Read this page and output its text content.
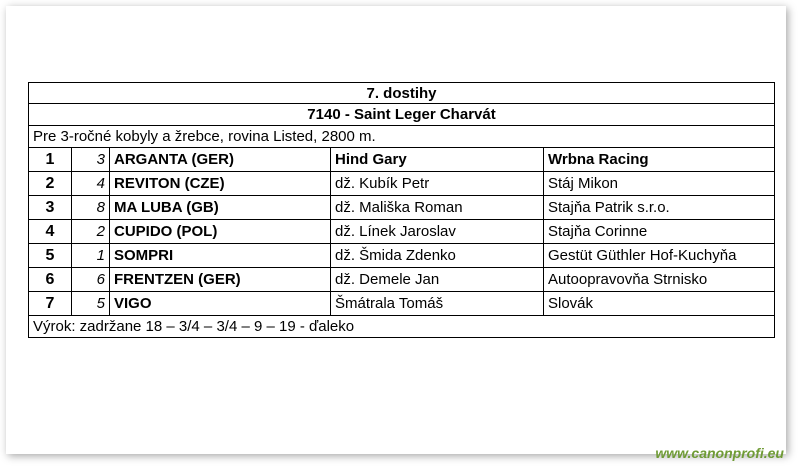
7. dostihy				
7140 - Saint Leger Charvát				
Pre 3-ročné kobyly a žrebce, rovina Listed, 2800 m.				
1	3	ARGANTA (GER)	Hind Gary	Wrbna Racing
2	4	REVITON (CZE)	dž. Kubík Petr	Stáj Mikon
3	8	MA LUBA (GB)	dž. Mališka Roman	Stajňa Patrik s.r.o.
4	2	CUPIDO (POL)	dž. Línek Jaroslav	Stajňa Corinne
5	1	SOMPRI	dž. Šmida Zdenko	Gestüt Güthler Hof-Kuchyňa
6	6	FRENTZEN (GER)	dž. Demele Jan	Autoopravovňa Strnisko
7	5	VIGO	Šmátrala Tomáš	Slovák
Výrok: zadržane 18 – 3/4 – 3/4 – 9 – 19 - ďaleko				
www.canonprofi.eu
